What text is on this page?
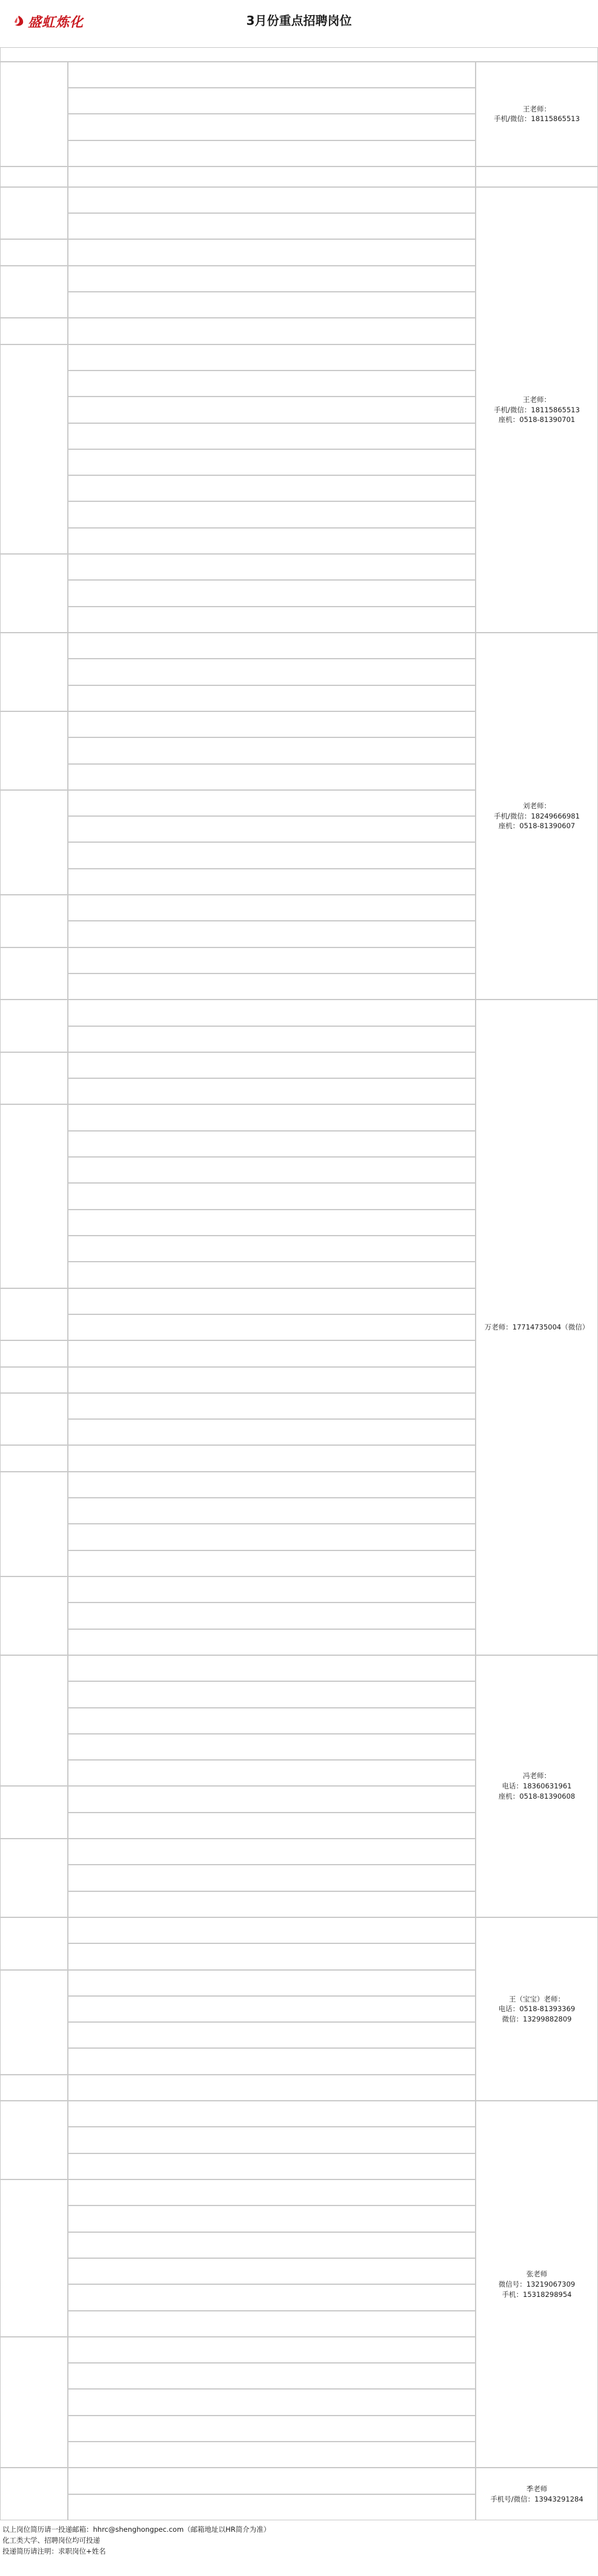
盛虹炼化	3月份重点招聘岗位
王老师：
手机/微信：18115865513
王老师：
手机/微信：18115865513
座机：0518-81390701
刘老师：
手机/微信：18249666981
座机：0518-81390607
万老师：17714735004（微信）
冯老师：
电话：18360631961
座机：0518-81390608
王（宝宝）老师：
电话：0518-81393369
微信：13299882809
张老师
微信号：13219067309
手机：15318298954
季老师
手机号/微信：13943291284
以上岗位简历请一投递邮箱：hhrc@shenghongpec.com（邮箱地址以HR简介为准）
化工类大学、招聘岗位均可投递
投递简历请注明：求职岗位+姓名
